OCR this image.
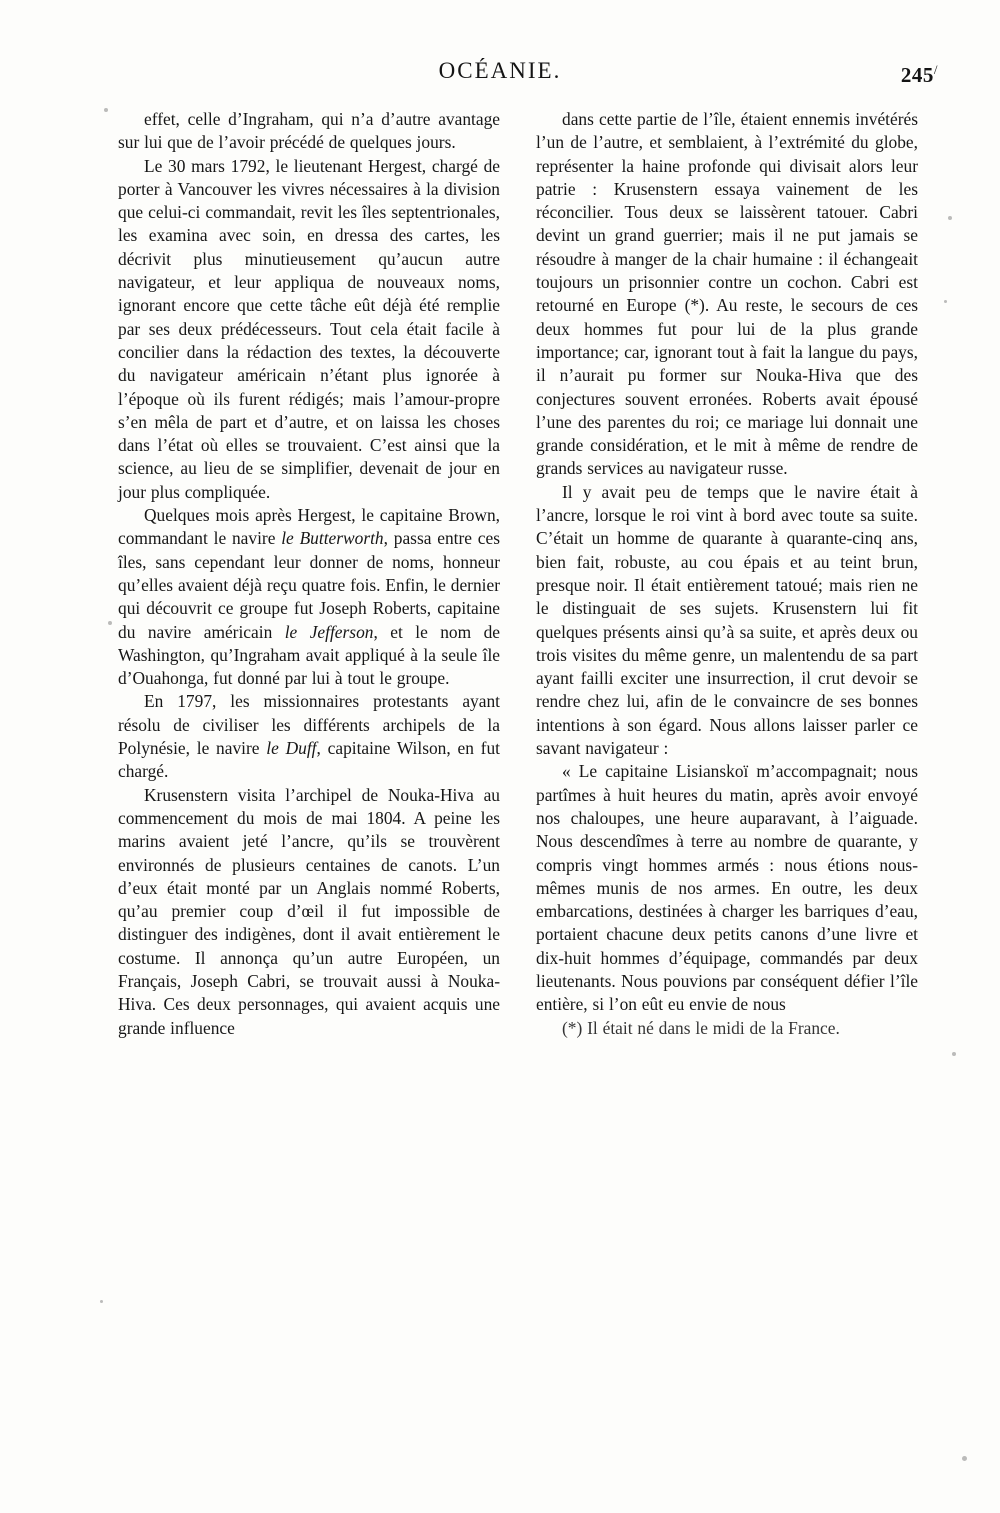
OCÉANIE.	245/

effet, celle d’Ingraham, qui n’a d’autre avantage sur lui que de l’avoir précédé de quelques jours.

Le 30 mars 1792, le lieutenant Hergest, chargé de porter à Vancouver les vivres nécessaires à la division que celui-ci commandait, revit les îles septentrionales, les examina avec soin, en dressa des cartes, les décrivit plus minutieusement qu’aucun autre navigateur, et leur appliqua de nouveaux noms, ignorant encore que cette tâche eût déjà été remplie par ses deux prédécesseurs. Tout cela était facile à concilier dans la rédaction des textes, la découverte du navigateur américain n’étant plus ignorée à l’époque où ils furent rédigés; mais l’amour-propre s’en mêla de part et d’autre, et on laissa les choses dans l’état où elles se trouvaient. C’est ainsi que la science, au lieu de se simplifier, devenait de jour en jour plus compliquée.

Quelques mois après Hergest, le capitaine Brown, commandant le navire le Butterworth, passa entre ces îles, sans cependant leur donner de noms, honneur qu’elles avaient déjà reçu quatre fois. Enfin, le dernier qui découvrit ce groupe fut Joseph Roberts, capitaine du navire américain le Jefferson, et le nom de Washington, qu’Ingraham avait appliqué à la seule île d’Ouahonga, fut donné par lui à tout le groupe.

En 1797, les missionnaires protestants ayant résolu de civiliser les différents archipels de la Polynésie, le navire le Duff, capitaine Wilson, en fut chargé.

Krusenstern visita l’archipel de Nouka-Hiva au commencement du mois de mai 1804. A peine les marins avaient jeté l’ancre, qu’ils se trouvèrent environnés de plusieurs centaines de canots. L’un d’eux était monté par un Anglais nommé Roberts, qu’au premier coup d’œil il fut impossible de distinguer des indigènes, dont il avait entièrement le costume. Il annonça qu’un autre Européen, un Français, Joseph Cabri, se trouvait aussi à Nouka-Hiva. Ces deux personnages, qui avaient acquis une grande influence

dans cette partie de l’île, étaient ennemis invétérés l’un de l’autre, et semblaient, à l’extrémité du globe, représenter la haine profonde qui divisait alors leur patrie : Krusenstern essaya vainement de les réconcilier. Tous deux se laissèrent tatouer. Cabri devint un grand guerrier; mais il ne put jamais se résoudre à manger de la chair humaine : il échangeait toujours un prisonnier contre un cochon. Cabri est retourné en Europe (*). Au reste, le secours de ces deux hommes fut pour lui de la plus grande importance; car, ignorant tout à fait la langue du pays, il n’aurait pu former sur Nouka-Hiva que des conjectures souvent erronées. Roberts avait épousé l’une des parentes du roi; ce mariage lui donnait une grande considération, et le mit à même de rendre de grands services au navigateur russe.

Il y avait peu de temps que le navire était à l’ancre, lorsque le roi vint à bord avec toute sa suite. C’était un homme de quarante à quarante-cinq ans, bien fait, robuste, au cou épais et au teint brun, presque noir. Il était entièrement tatoué; mais rien ne le distinguait de ses sujets. Krusenstern lui fit quelques présents ainsi qu’à sa suite, et après deux ou trois visites du même genre, un malentendu de sa part ayant failli exciter une insurrection, il crut devoir se rendre chez lui, afin de le convaincre de ses bonnes intentions à son égard. Nous allons laisser parler ce savant navigateur :

« Le capitaine Lisianskoï m’accompagnait; nous partîmes à huit heures du matin, après avoir envoyé nos chaloupes, une heure auparavant, à l’aiguade. Nous descendîmes à terre au nombre de quarante, y compris vingt hommes armés : nous étions nous-mêmes munis de nos armes. En outre, les deux embarcations, destinées à charger les barriques d’eau, portaient chacune deux petits canons d’une livre et dix-huit hommes d’équipage, commandés par deux lieutenants. Nous pouvions par conséquent défier l’île entière, si l’on eût eu envie de nous

(*) Il était né dans le midi de la France.
